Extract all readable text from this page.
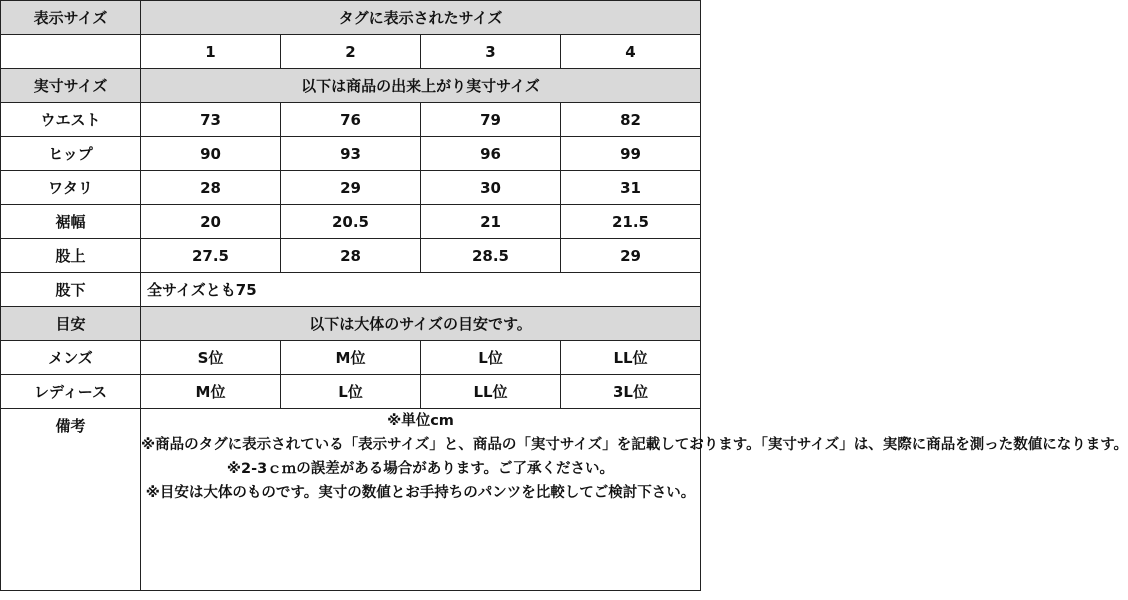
表示サイズ	タグに表示されたサイズ			
	1	2	3	4
実寸サイズ	以下は商品の出来上がり実寸サイズ			
ウエスト	73	76	79	82
ヒップ	90	93	96	99
ワタリ	28	29	30	31
裾幅	20	20.5	21	21.5
股上	27.5	28	28.5	29
股下	全サイズとも75			
目安	以下は大体のサイズの目安です。			
メンズ	S位	M位	L位	LL位
レディース	M位	L位	LL位	3L位
備考	※単位cm
※商品のタグに表示されている「表示サイズ」と、商品の「実寸サイズ」を記載しております。「実寸サイズ」は、実際に商品を測った数値になります。
※2-3ｃｍの誤差がある場合があります。ご了承ください。
※目安は大体のものです。実寸の数値とお手持ちのパンツを比較してご検討下さい。			
